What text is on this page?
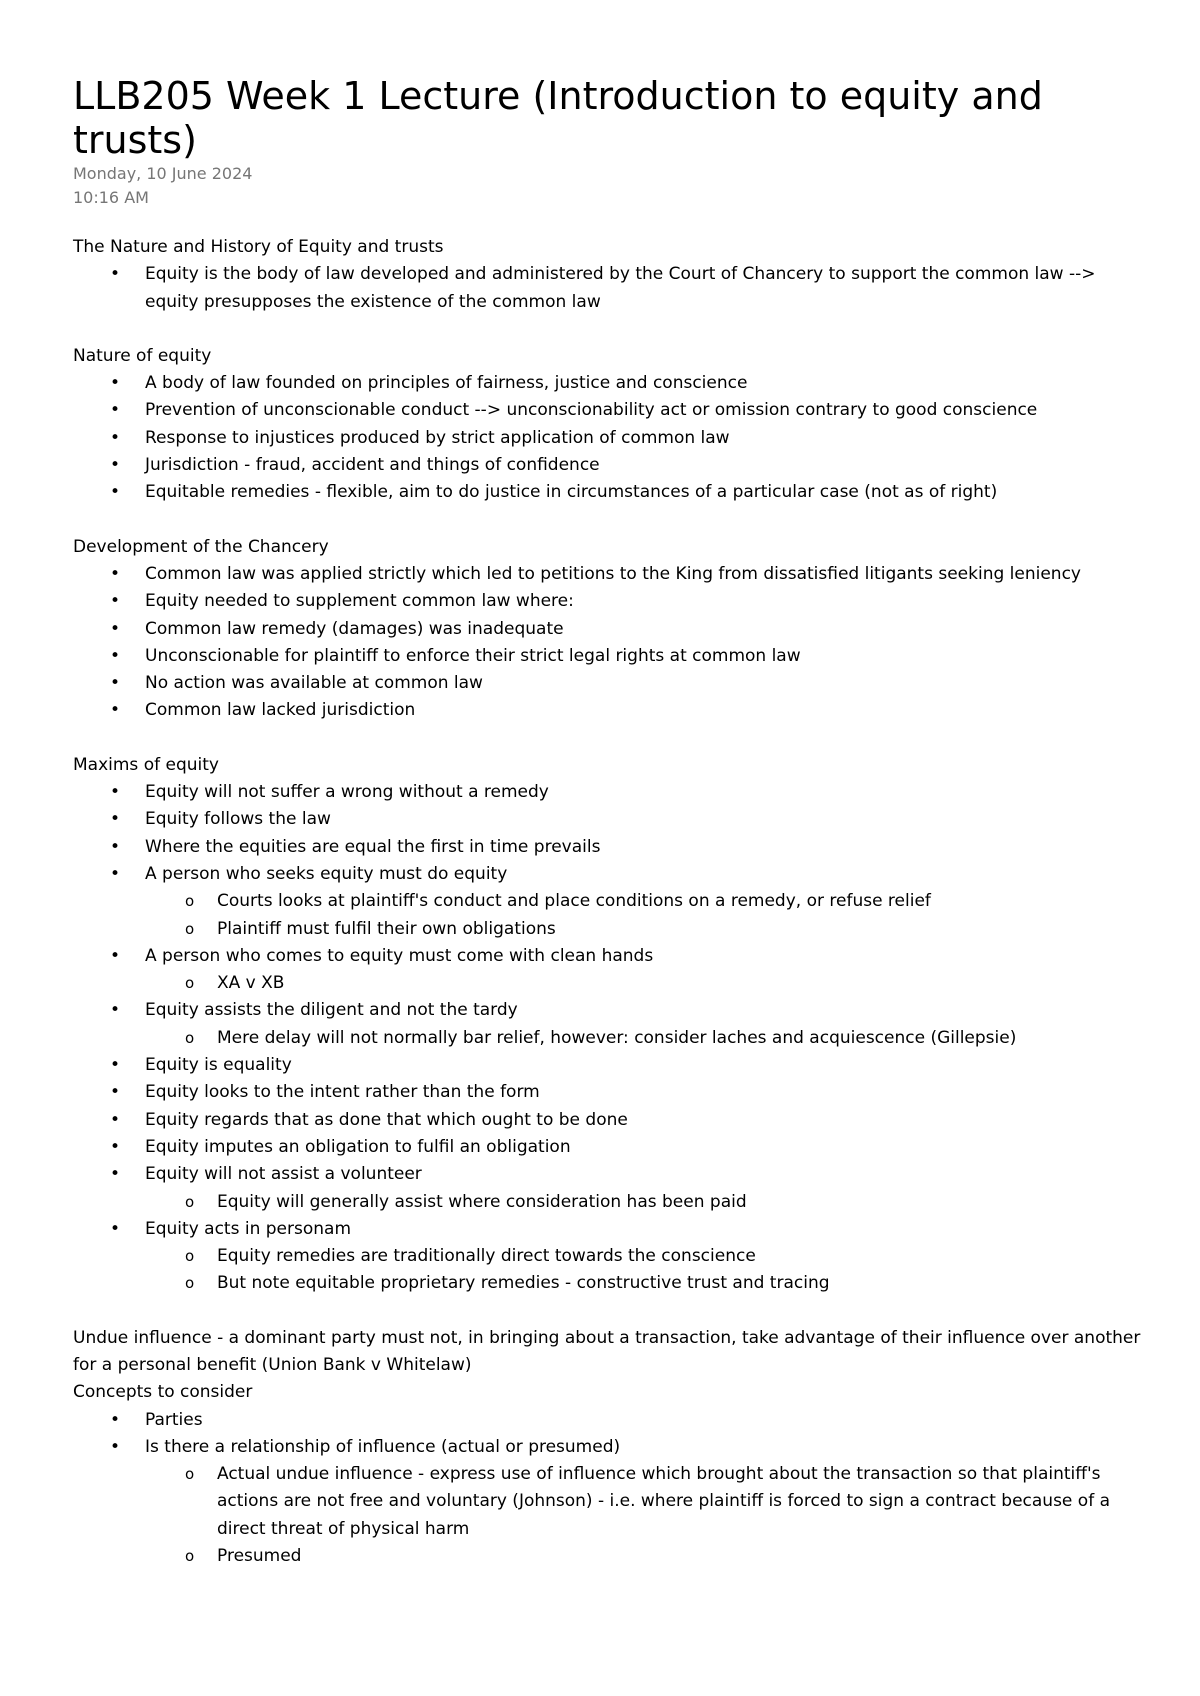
LLB205 Week 1 Lecture (Introduction to equity and trusts)
Monday, 10 June 2024
10:16 AM
The Nature and History of Equity and trusts
• Equity is the body of law developed and administered by the Court of Chancery to support the common law --> equity presupposes the existence of the common law
Nature of equity
• A body of law founded on principles of fairness, justice and conscience
• Prevention of unconscionable conduct --> unconscionability act or omission contrary to good conscience
• Response to injustices produced by strict application of common law
• Jurisdiction - fraud, accident and things of confidence
• Equitable remedies - flexible, aim to do justice in circumstances of a particular case (not as of right)
Development of the Chancery
• Common law was applied strictly which led to petitions to the King from dissatisfied litigants seeking leniency
• Equity needed to supplement common law where:
• Common law remedy (damages) was inadequate
• Unconscionable for plaintiff to enforce their strict legal rights at common law
• No action was available at common law
• Common law lacked jurisdiction
Maxims of equity
• Equity will not suffer a wrong without a remedy
• Equity follows the law
• Where the equities are equal the first in time prevails
• A person who seeks equity must do equity
o Courts looks at plaintiff's conduct and place conditions on a remedy, or refuse relief
o Plaintiff must fulfil their own obligations
• A person who comes to equity must come with clean hands
o XA v XB
• Equity assists the diligent and not the tardy
o Mere delay will not normally bar relief, however: consider laches and acquiescence (Gillepsie)
• Equity is equality
• Equity looks to the intent rather than the form
• Equity regards that as done that which ought to be done
• Equity imputes an obligation to fulfil an obligation
• Equity will not assist a volunteer
o Equity will generally assist where consideration has been paid
• Equity acts in personam
o Equity remedies are traditionally direct towards the conscience
o But note equitable proprietary remedies - constructive trust and tracing
Undue influence - a dominant party must not, in bringing about a transaction, take advantage of their influence over another for a personal benefit (Union Bank v Whitelaw)
Concepts to consider
• Parties
• Is there a relationship of influence (actual or presumed)
o Actual undue influence - express use of influence which brought about the transaction so that plaintiff's actions are not free and voluntary (Johnson) - i.e. where plaintiff is forced to sign a contract because of a direct threat of physical harm
o Presumed
